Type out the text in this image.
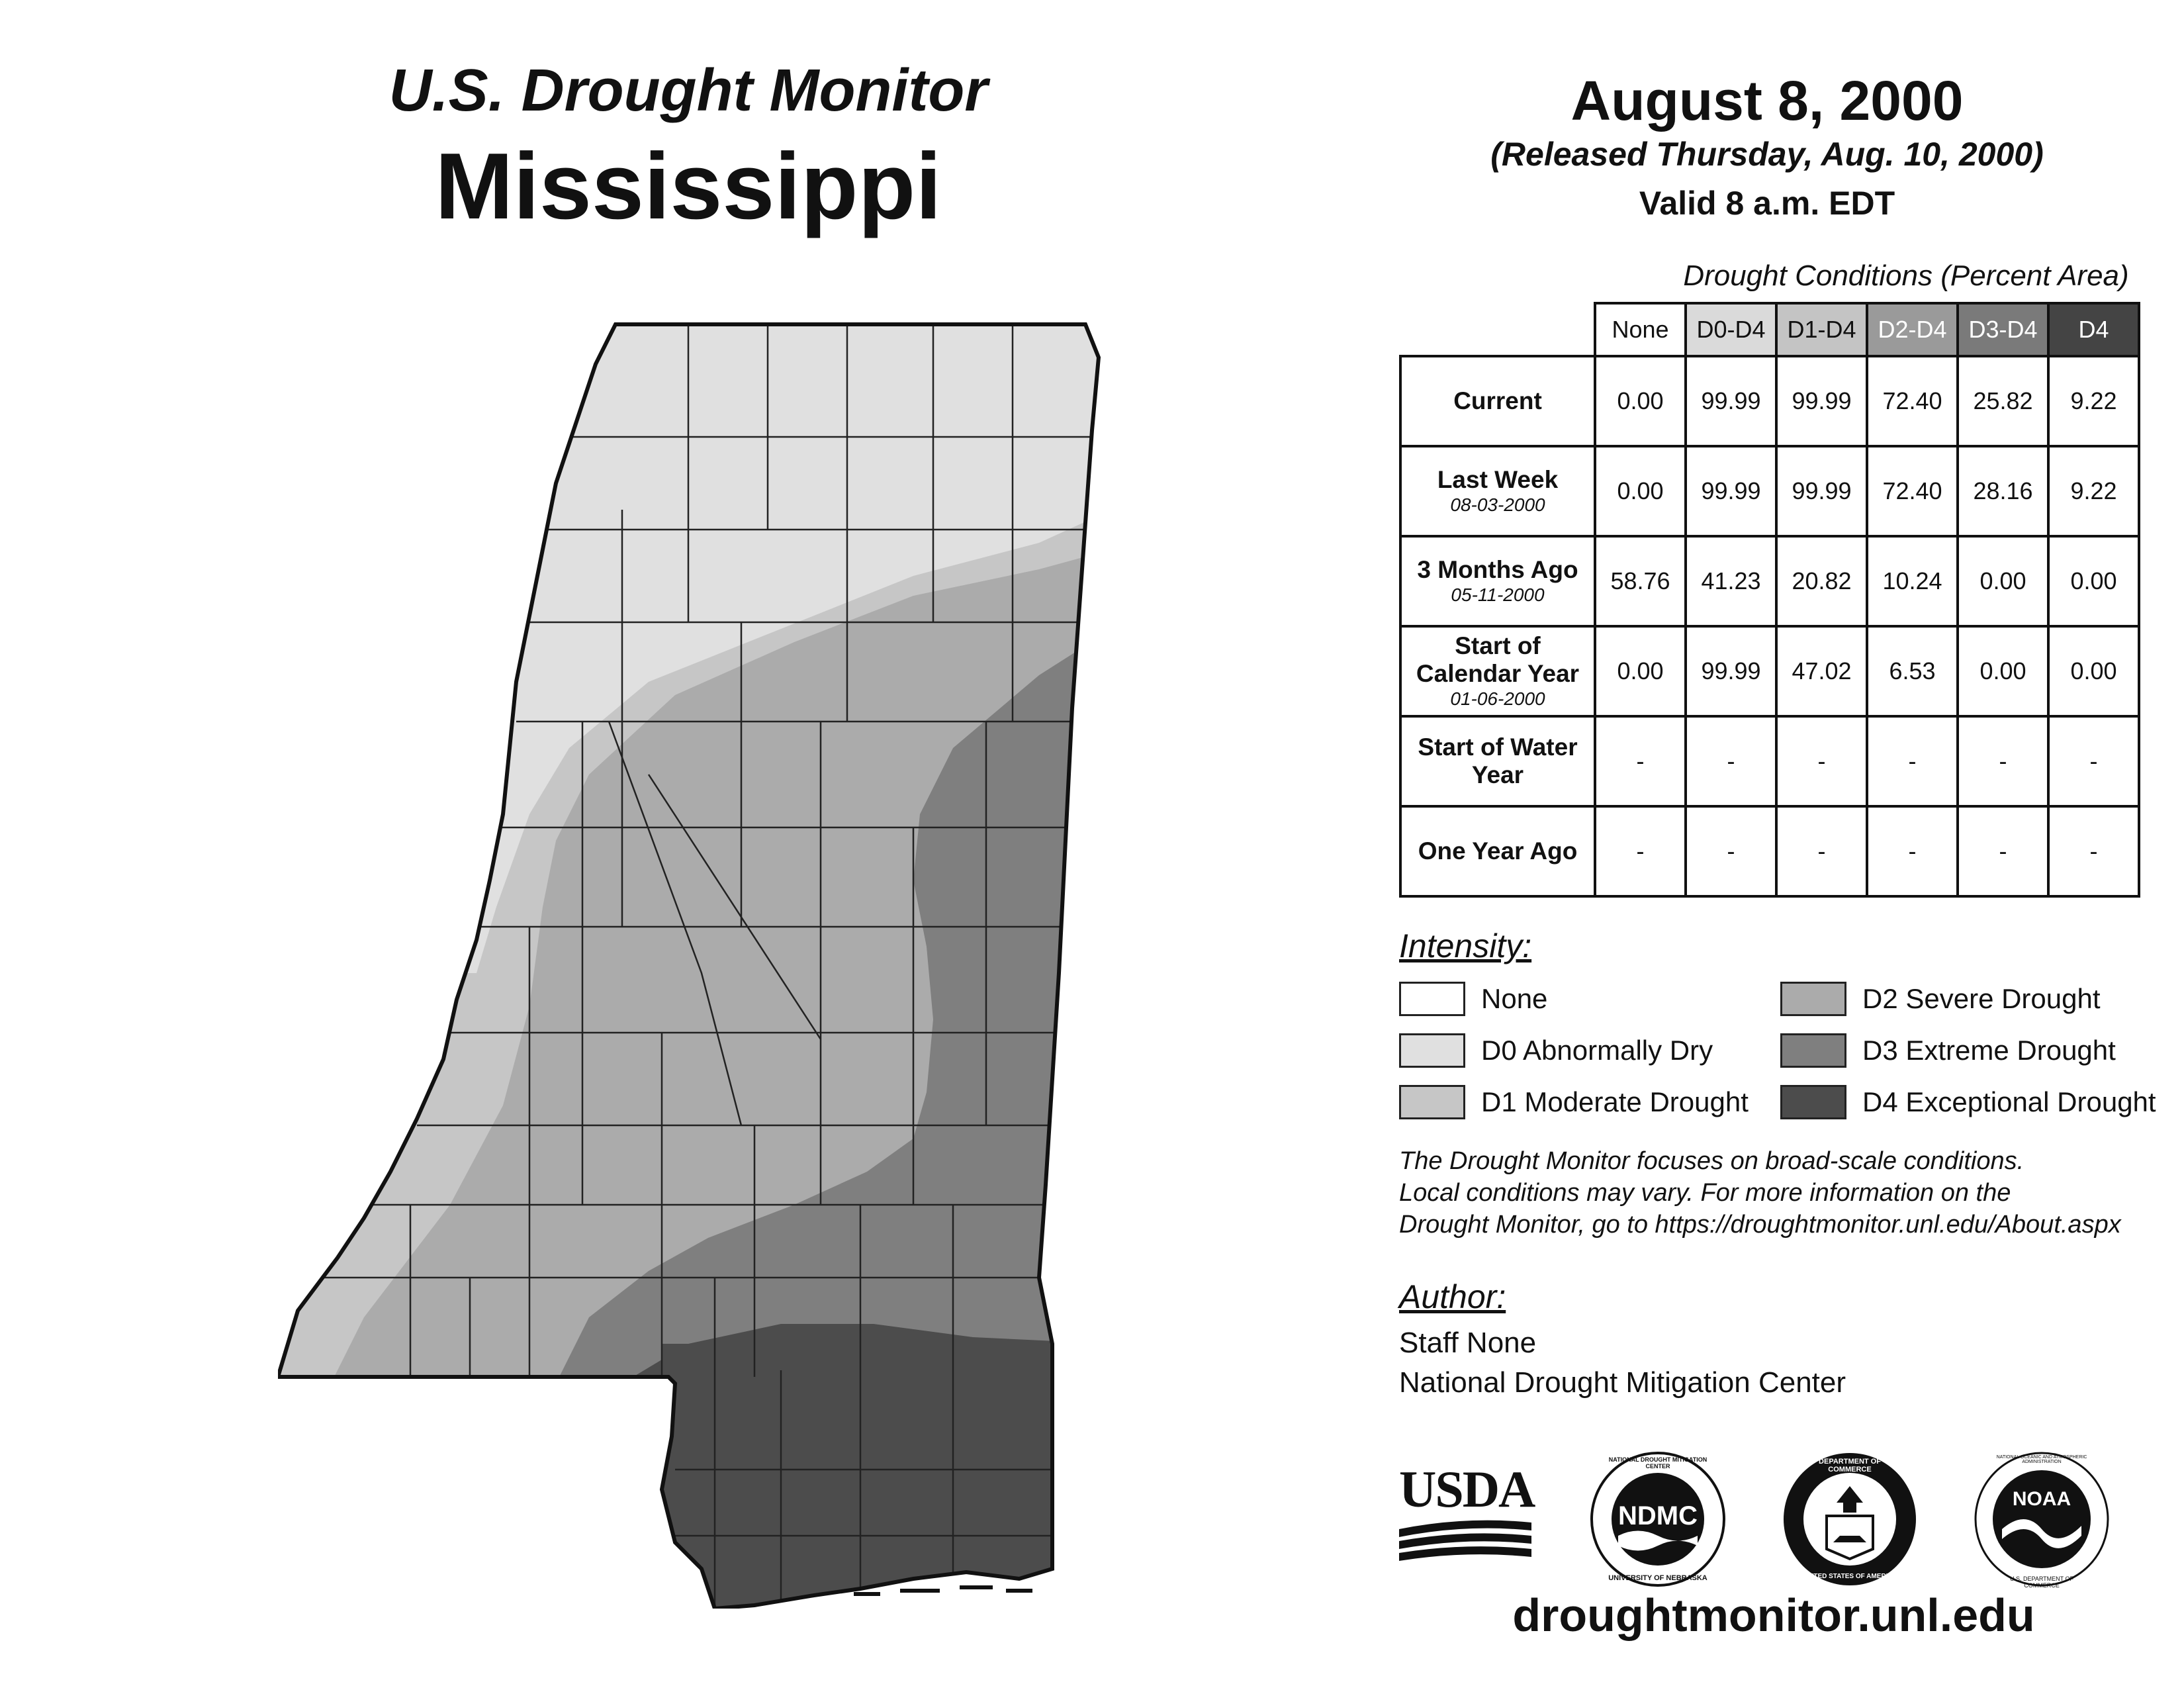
U.S. Drought Monitor
Mississippi
August 8, 2000
(Released Thursday, Aug. 10, 2000)
Valid 8 a.m. EDT
Drought Conditions (Percent Area)
	None	D0-D4	D1-D4	D2-D4	D3-D4	D4
Current	0.00	99.99	99.99	72.40	25.82	9.22
Last Week
08-03-2000	0.00	99.99	99.99	72.40	28.16	9.22
3 Months Ago
05-11-2000	58.76	41.23	20.82	10.24	0.00	0.00
Start of Calendar Year
01-06-2000	0.00	99.99	47.02	6.53	0.00	0.00
Start of Water Year	-	-	-	-	-	-
One Year Ago	-	-	-	-	-	-
Intensity:
None
D0 Abnormally Dry
D1 Moderate Drought
D2 Severe Drought
D3 Extreme Drought
D4 Exceptional Drought
The Drought Monitor focuses on broad-scale conditions.
Local conditions may vary. For more information on the
Drought Monitor, go to https://droughtmonitor.unl.edu/About.aspx
Author:
Staff None
National Drought Mitigation Center
USDA	NDMC
NATIONAL DROUGHT MITIGATION CENTER
UNIVERSITY OF NEBRASKA
DEPARTMENT OF COMMERCE
UNITED STATES OF AMERICA
NOAA
NATIONAL OCEANIC AND ATMOSPHERIC ADMINISTRATION
U.S. DEPARTMENT OF COMMERCE
droughtmonitor.unl.edu
